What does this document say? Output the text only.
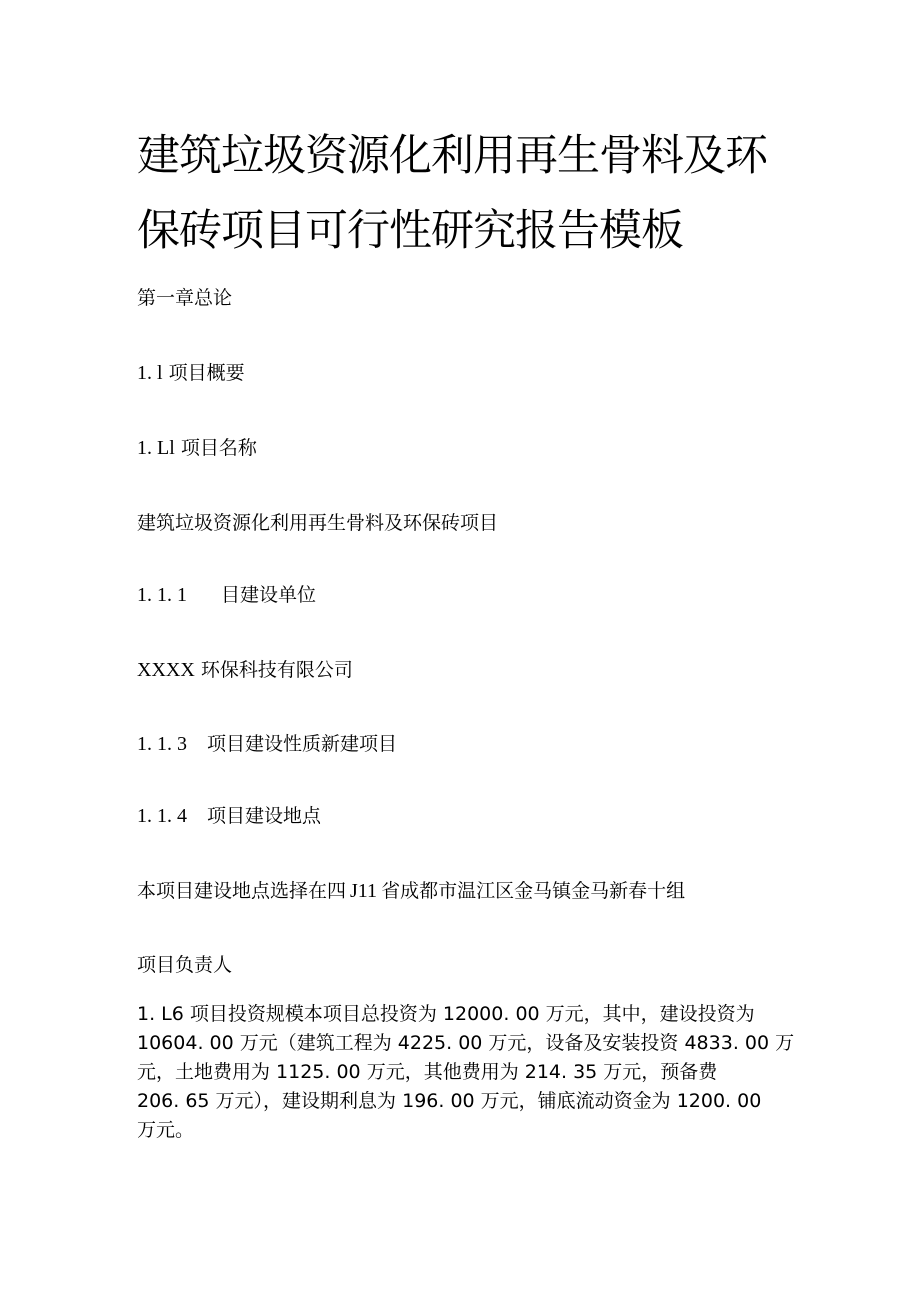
建筑垃圾资源化利用再生骨料及环
保砖项目可行性研究报告模板

第一章总论

1. l 项目概要

1. Ll 项目名称

建筑垃圾资源化利用再生骨料及环保砖项目

1. 1. 1 目建设单位

XXXX 环保科技有限公司

1. 1. 3 项目建设性质新建项目

1. 1. 4 项目建设地点

本项目建设地点选择在四 J11 省成都市温江区金马镇金马新春十组

项目负责人

1. L6 项目投资规模本项目总投资为 12000. 00 万元，其中，建设投资为
10604. 00 万元（建筑工程为 4225. 00 万元，设备及安装投资 4833. 00 万
元，土地费用为 1125. 00 万元，其他费用为 214. 35 万元，预备费
206. 65 万元），建设期利息为 196. 00 万元，铺底流动资金为 1200. 00
万元。
